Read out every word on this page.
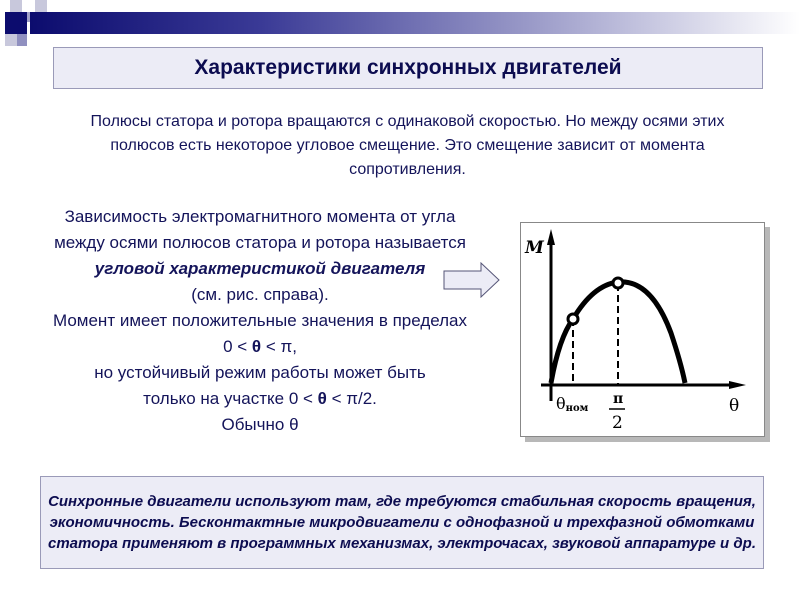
Характеристики синхронных двигателей
Полюсы статора и ротора вращаются с одинаковой скоростью. Но между осями этих полюсов есть некоторое угловое смещение. Это смещение зависит от момента сопротивления.
Зависимость электромагнитного момента от угла между осями полюсов статора и ротора называется угловой характеристикой двигателя
(см. рис. справа).
Момент имеет положительные значения в пределах 0 < θ < π,
но устойчивый режим работы может быть
только на участке 0 < θ < π/2.
Обычно θ
M
θ
θном
π
2
Синхронные двигатели используют там, где требуются стабильная скорость вращения, экономичность. Бесконтактные микродвигатели с однофазной и трехфазной обмотками статора применяют в программных механизмах, электрочасах, звуковой аппаратуре и др.
